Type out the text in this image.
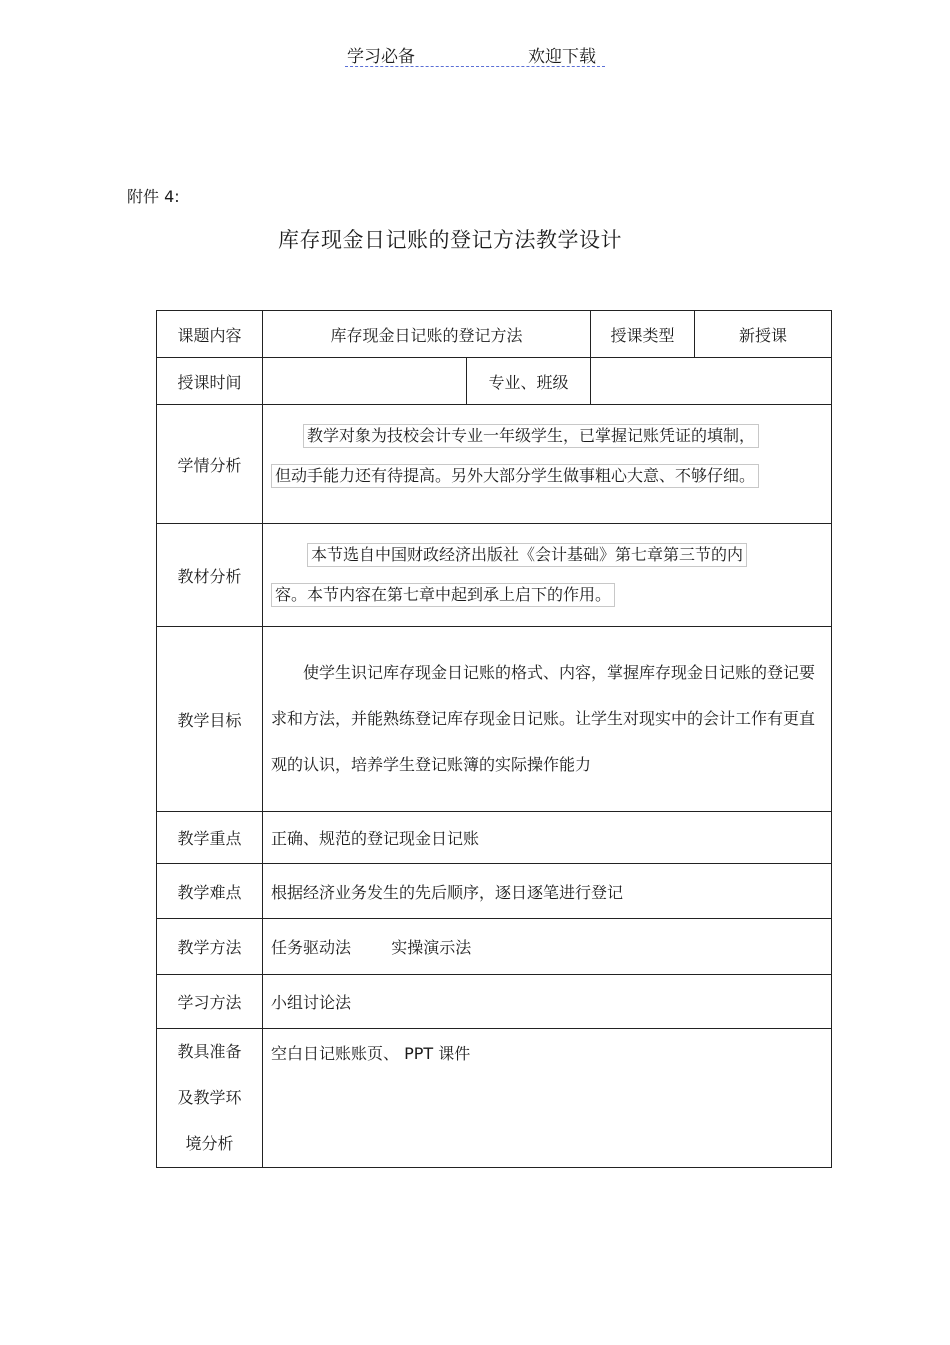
学习必备	欢迎下载
附件 4:
库存现金日记账的登记方法教学设计
课题内容	库存现金日记账的登记方法		授课类型	新授课
授课时间		专业、班级		
学情分析	教学对象为技校会计专业一年级学生，已掌握记账凭证的填制，
但动手能力还有待提高。另外大部分学生做事粗心大意、不够仔细。			

教材分析	本节选自中国财政经济出版社《会计基础》第七章第三节的内
容。本节内容在第七章中起到承上启下的作用。			

教学目标	使学生识记库存现金日记账的格式、内容，掌握库存现金日记账的登记要求和方法，并能熟练登记库存现金日记账。让学生对现实中的会计工作有更直观的认识，培养学生登记账簿的实际操作能力			

教学重点	正确、规范的登记现金日记账			
教学难点	根据经济业务发生的先后顺序，逐日逐笔进行登记			
教学方法	任务驱动法 实操演示法			
学习方法	小组讨论法			

教具准备
及教学环
境分析	空白日记账账页、 PPT 课件			
